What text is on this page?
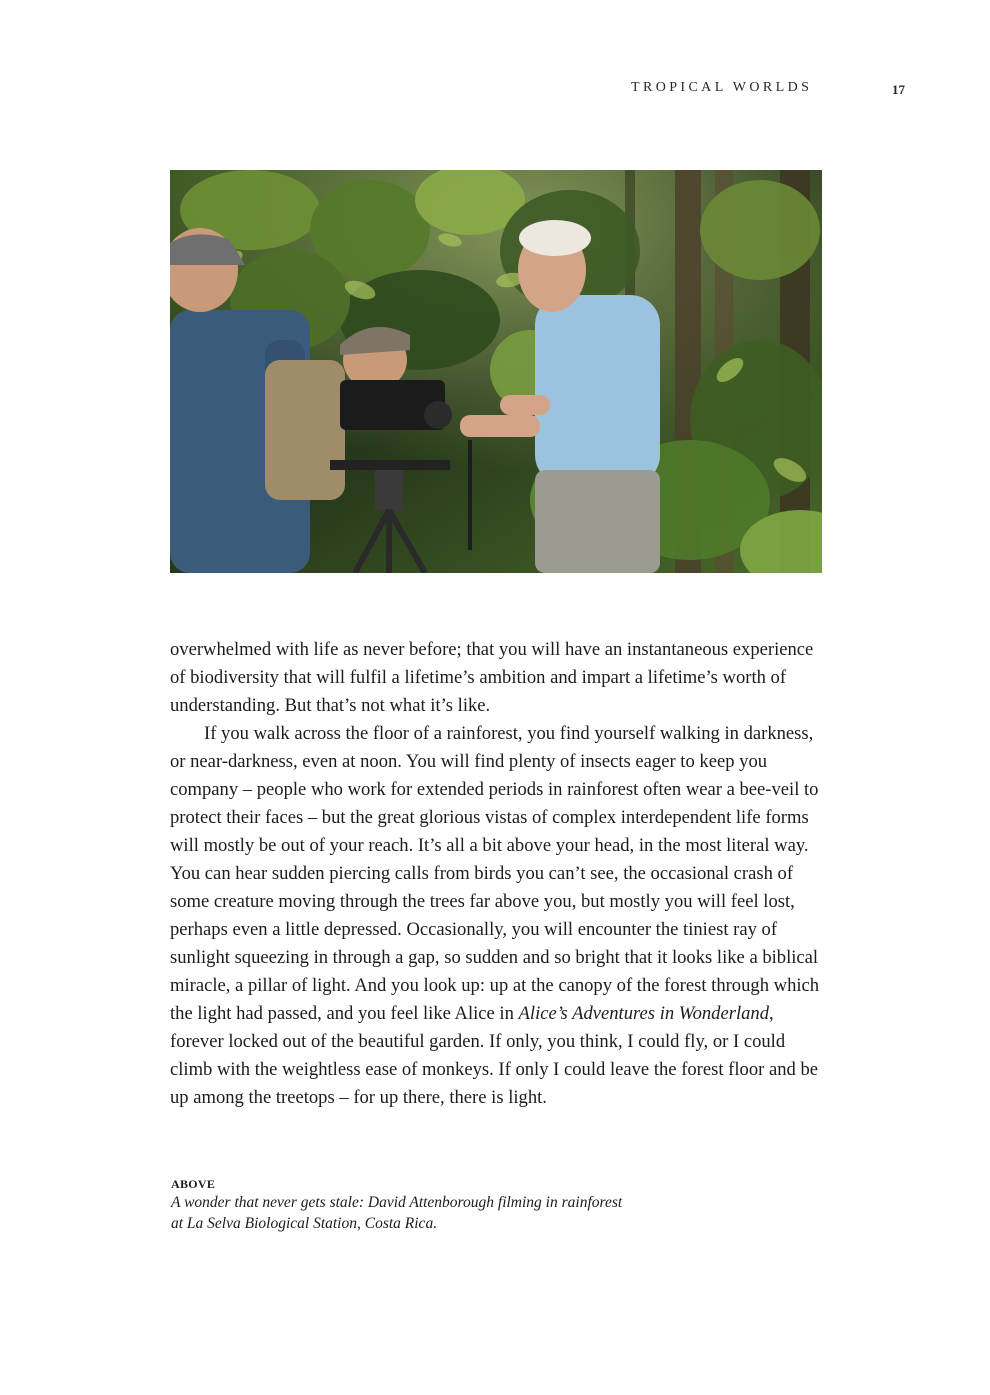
TROPICAL WORLDS	17

overwhelmed with life as never before; that you will have an instantaneous experience of biodiversity that will fulfil a lifetime’s ambition and impart a lifetime’s worth of understanding. But that’s not what it’s like.

If you walk across the floor of a rainforest, you find yourself walking in darkness, or near-darkness, even at noon. You will find plenty of insects eager to keep you company – people who work for extended periods in rainforest often wear a bee-veil to protect their faces – but the great glorious vistas of complex interdependent life forms will mostly be out of your reach. It’s all a bit above your head, in the most literal way. You can hear sudden piercing calls from birds you can’t see, the occasional crash of some creature moving through the trees far above you, but mostly you will feel lost, perhaps even a little depressed. Occasionally, you will encounter the tiniest ray of sunlight squeezing in through a gap, so sudden and so bright that it looks like a biblical miracle, a pillar of light. And you look up: up at the canopy of the forest through which the light had passed, and you feel like Alice in Alice’s Adventures in Wonderland, forever locked out of the beautiful garden. If only, you think, I could fly, or I could climb with the weightless ease of monkeys. If only I could leave the forest floor and be up among the treetops – for up there, there is light.

ABOVE
A wonder that never gets stale: David Attenborough filming in rainforest at La Selva Biological Station, Costa Rica.
